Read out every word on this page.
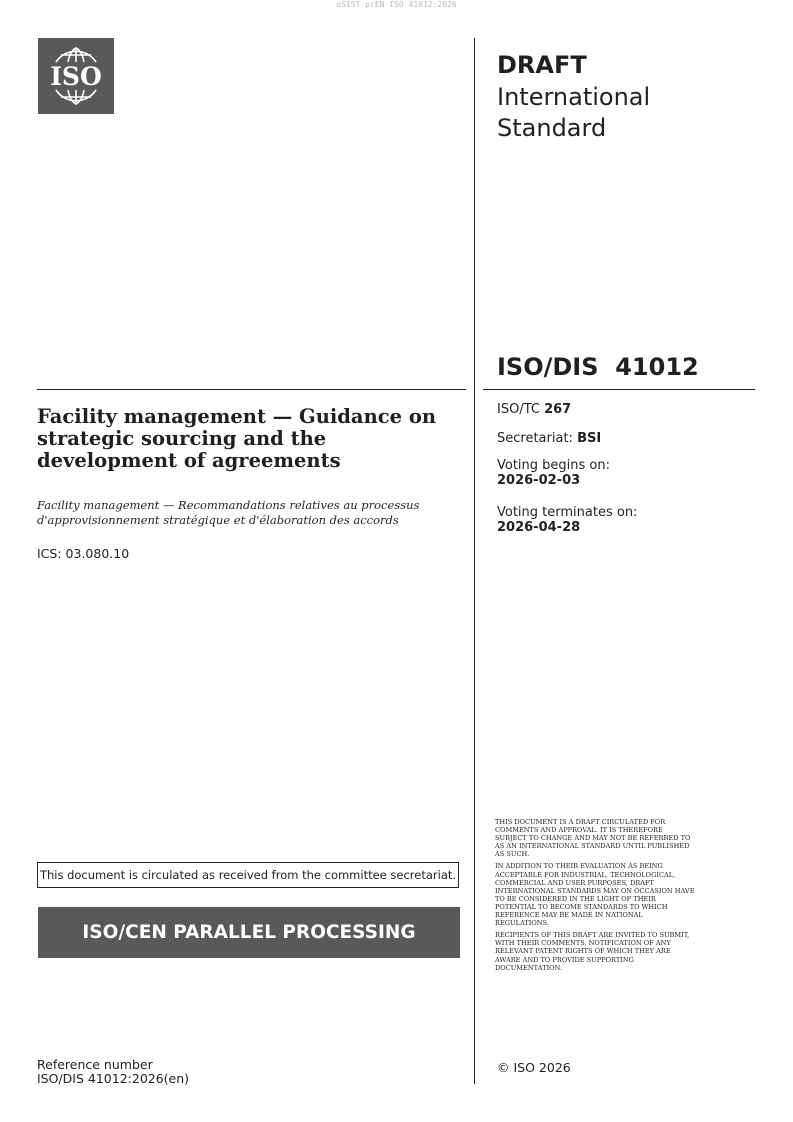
oSIST prEN ISO 41012:2026
ISO	DRAFT
International
Standard
ISO/DIS  41012
ISO/TC 267
Secretariat: BSI
Voting begins on:
2026-02-03
Voting terminates on:
2026-04-28
Facility management — Guidance on strategic sourcing and the development of agreements
Facility management — Recommandations relatives au processus d'approvisionnement stratégique et d'élaboration des accords
ICS: 03.080.10
This document is circulated as received from the committee secretariat.
ISO/CEN PARALLEL PROCESSING
Reference number
ISO/DIS 41012:2026(en)

THIS DOCUMENT IS A DRAFT CIRCULATED FOR COMMENTS AND APPROVAL. IT IS THEREFORE SUBJECT TO CHANGE AND MAY NOT BE REFERRED TO AS AN INTERNATIONAL STANDARD UNTIL PUBLISHED AS SUCH.

IN ADDITION TO THEIR EVALUATION AS BEING ACCEPTABLE FOR INDUSTRIAL, TECHNOLOGICAL, COMMERCIAL AND USER PURPOSES, DRAFT INTERNATIONAL STANDARDS MAY ON OCCASION HAVE TO BE CONSIDERED IN THE LIGHT OF THEIR POTENTIAL TO BECOME STANDARDS TO WHICH REFERENCE MAY BE MADE IN NATIONAL REGULATIONS.

RECIPIENTS OF THIS DRAFT ARE INVITED TO SUBMIT, WITH THEIR COMMENTS, NOTIFICATION OF ANY RELEVANT PATENT RIGHTS OF WHICH THEY ARE AWARE AND TO PROVIDE SUPPORTING DOCUMENTATION.

© ISO 2026
